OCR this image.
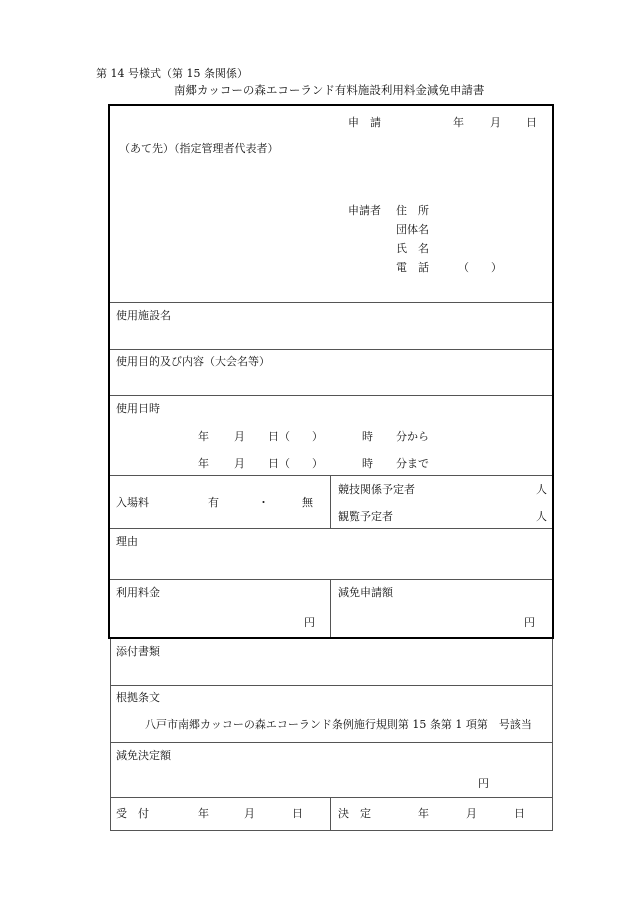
第 14 号様式（第 15 条関係）
南郷カッコーの森エコーランド有料施設利用料金減免申請書
申　請	年 月 日
（あて先）（指定管理者代表者）
申請者 住　所
団体名
氏　名
電　話	（　　）
使用施設名
使用目的及び内容（大会名等）
使用日時
年 月 日（　　）	時 分から
年 月 日（　　）	時 分まで
入場料	有	・	無
競技関係予定者	人
観覧予定者	人
理由
利用料金
円
減免申請額
円
添付書類
根拠条文
八戸市南郷カッコーの森エコーランド条例施行規則第 15 条第 1 項第　号該当
減免決定額
円
受　付	年	月	日	決　定	年	月	日
